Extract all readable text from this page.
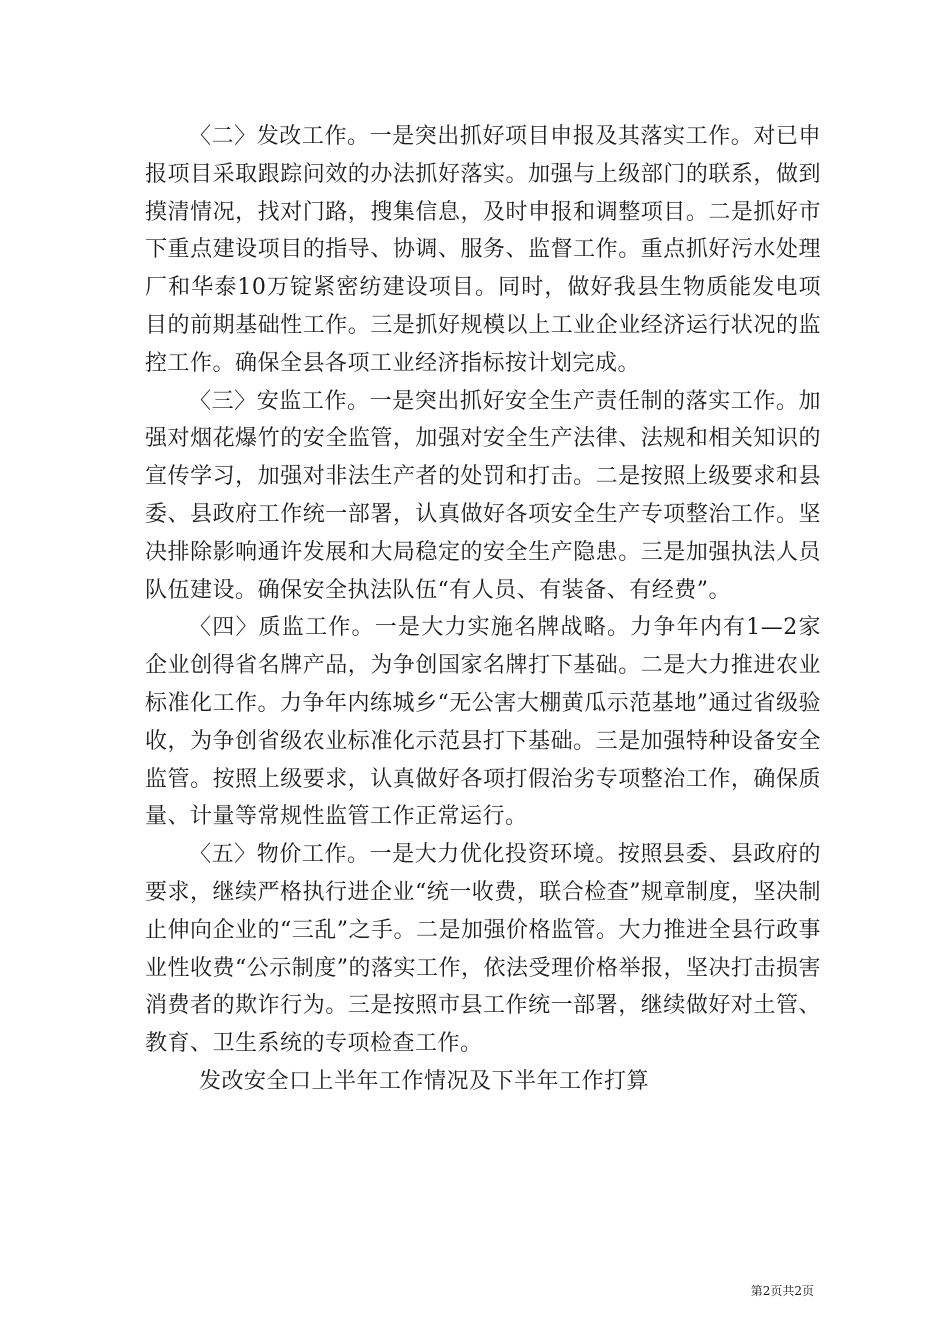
〈二〉发改工作。一是突出抓好项目申报及其落实工作。对已申报项目采取跟踪问效的办法抓好落实。加强与上级部门的联系，做到摸清情况，找对门路，搜集信息，及时申报和调整项目。二是抓好市下重点建设项目的指导、协调、服务、监督工作。重点抓好污水处理厂和华泰10万锭紧密纺建设项目。同时，做好我县生物质能发电项目的前期基础性工作。三是抓好规模以上工业企业经济运行状况的监控工作。确保全县各项工业经济指标按计划完成。

〈三〉安监工作。一是突出抓好安全生产责任制的落实工作。加强对烟花爆竹的安全监管，加强对安全生产法律、法规和相关知识的宣传学习，加强对非法生产者的处罚和打击。二是按照上级要求和县委、县政府工作统一部署，认真做好各项安全生产专项整治工作。坚决排除影响通许发展和大局稳定的安全生产隐患。三是加强执法人员队伍建设。确保安全执法队伍“有人员、有装备、有经费”。

〈四〉质监工作。一是大力实施名牌战略。力争年内有1—2家企业创得省名牌产品，为争创国家名牌打下基础。二是大力推进农业标准化工作。力争年内练城乡“无公害大棚黄瓜示范基地”通过省级验收，为争创省级农业标准化示范县打下基础。三是加强特种设备安全监管。按照上级要求，认真做好各项打假治劣专项整治工作，确保质量、计量等常规性监管工作正常运行。

〈五〉物价工作。一是大力优化投资环境。按照县委、县政府的要求，继续严格执行进企业“统一收费，联合检查”规章制度，坚决制止伸向企业的“三乱”之手。二是加强价格监管。大力推进全县行政事业性收费“公示制度”的落实工作，依法受理价格举报，坚决打击损害消费者的欺诈行为。三是按照市县工作统一部署，继续做好对土管、教育、卫生系统的专项检查工作。

发改安全口上半年工作情况及下半年工作打算

第2页共2页
